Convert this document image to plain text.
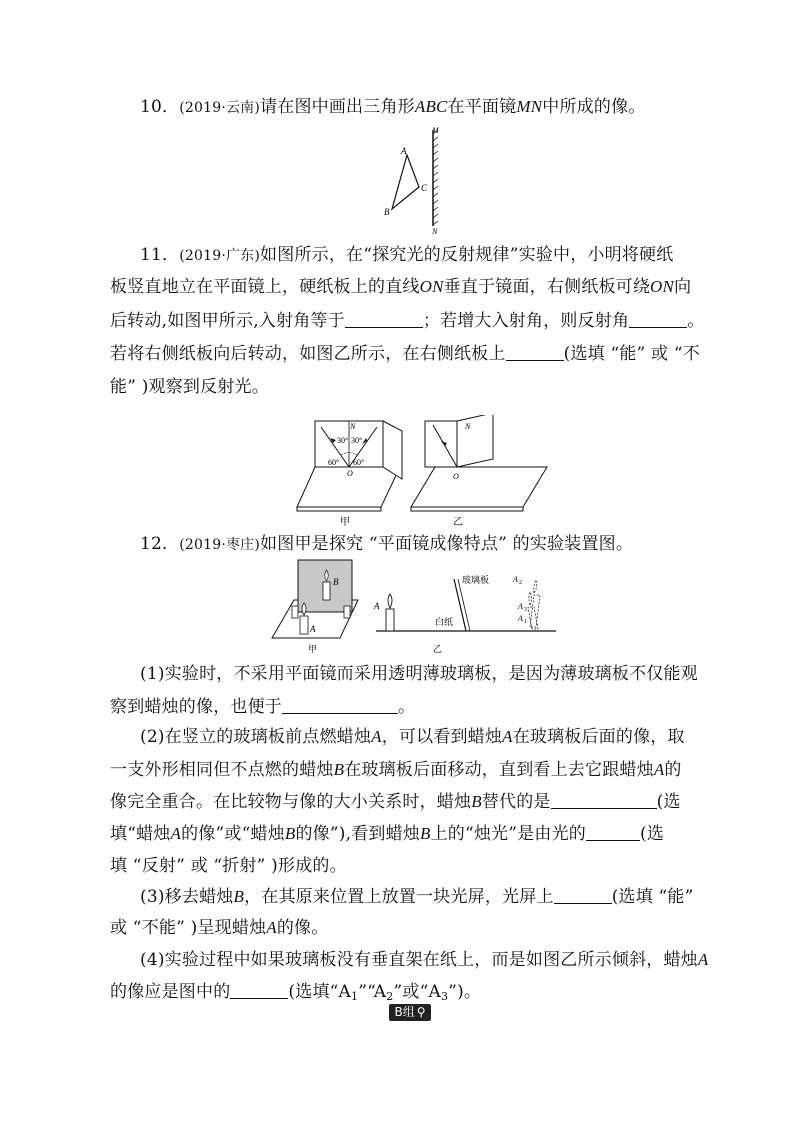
10．(2019·云南)请在图中画出三角形ABC在平面镜MN中所成的像。
M
N
A
B
C
11．(2019·广东)如图所示，在“探究光的反射规律”实验中，小明将硬纸
板竖直地立在平面镜上，硬纸板上的直线ON垂直于镜面，右侧纸板可绕ON向
后转动,如图甲所示,入射角等于	；若增大入射角，则反射角	。
若将右侧纸板向后转动，如图乙所示，在右侧纸板上	(选填 “能” 或 “不
能” )观察到反射光。
N
30° 30°
60° 60°
O
甲
N
O
乙
12．(2019·枣庄)如图甲是探究 “平面镜成像特点” 的实验装置图。
B
A
甲
A
玻璃板
白纸
A 2
A 3
A 1
乙
(1)实验时，不采用平面镜而采用透明薄玻璃板，是因为薄玻璃板不仅能观
察到蜡烛的像，也便于	。
(2)在竖立的玻璃板前点燃蜡烛A，可以看到蜡烛A在玻璃板后面的像，取
一支外形相同但不点燃的蜡烛B在玻璃板后面移动，直到看上去它跟蜡烛A的
像完全重合。在比较物与像的大小关系时，蜡烛B替代的是	(选
填“蜡烛A的像”或“蜡烛B的像”),看到蜡烛B上的“烛光”是由光的	(选
填 “反射” 或 “折射” )形成的。
(3)移去蜡烛B，在其原来位置上放置一块光屏，光屏上	(选填 “能”
或 “不能” )呈现蜡烛A的像。
(4)实验过程中如果玻璃板没有垂直架在纸上，而是如图乙所示倾斜，蜡烛A
的像应是图中的	(选填“$A_1”“A_2$”或“$A_3$”)。
B组 ⚲
